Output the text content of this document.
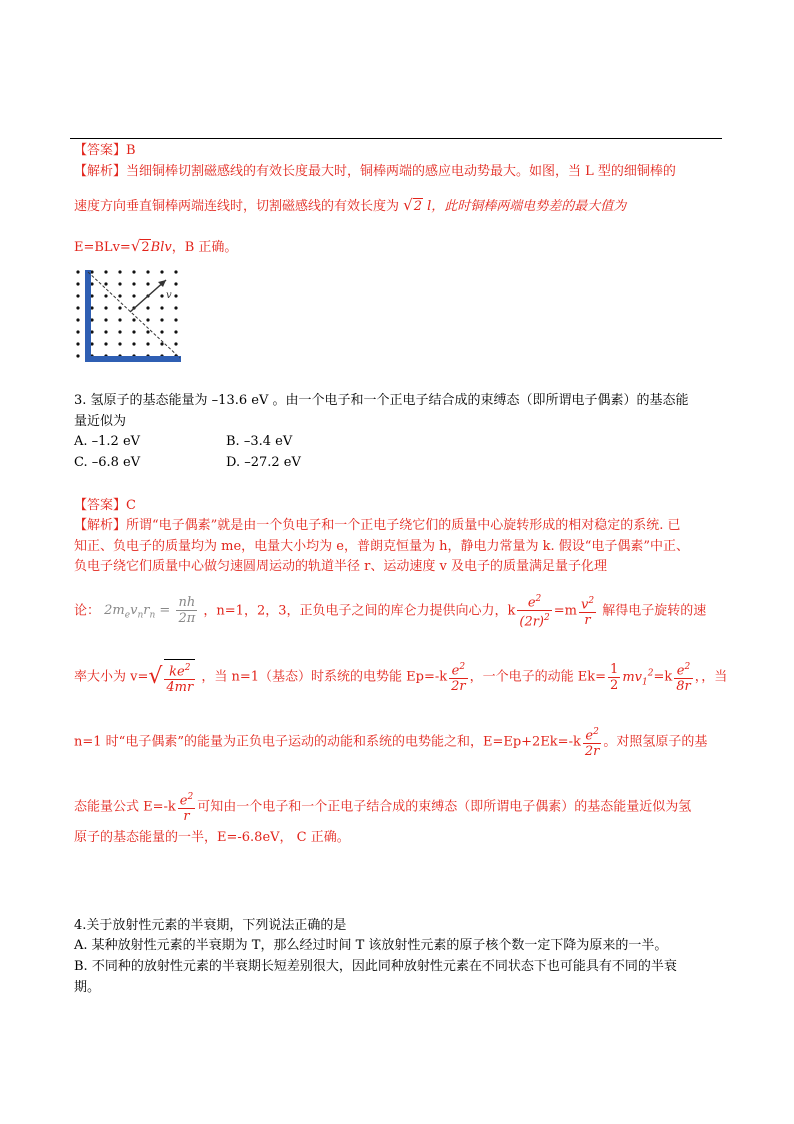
【答案】B
【解析】当细铜棒切割磁感线的有效长度最大时，铜棒两端的感应电动势最大。如图，当 L 型的细铜棒的
速度方向垂直铜棒两端连线时，切割磁感线的有效长度为 √2 l，此时铜棒两端电势差的最大值为
E=BLv=√2Blv，B 正确。
v
3. 氢原子的基态能量为 –13.6 eV 。由一个电子和一个正电子结合成的束缚态（即所谓电子偶素）的基态能
量近似为
A. –1.2 eV	B. –3.4 eV
C. –6.8 eV	D. –27.2 eV
【答案】C
【解析】所谓“电子偶素”就是由一个负电子和一个正电子绕它们的质量中心旋转形成的相对稳定的系统. 已
知正、负电子的质量均为 me，电量大小均为 e，普朗克恒量为 h，静电力常量为 k. 假设“电子偶素”中正、
负电子绕它们质量中心做匀速圆周运动的轨道半径 r、运动速度 v 及电子的质量满足量子化理
论： $2m_ev_nr_n = \frac{nh}{2\pi}$ ，n=1，2，3，正负电子之间的库仑力提供向心力，k $\frac{e^2}{(2r)^2} =m \frac{v^2}{r}$ 解得电子旋转的速
率大小为 $v=√ \frac{ke^2}{4mr}$ ，当 n=1（基态）时系统的电势能 $Ep=-k \frac{e^2}{2r}$ ，一个电子的动能 $Ek= \frac{1}{2} mv_1^2=k \frac{e^2}{8r}$ ，，当
n=1 时“电子偶素”的能量为正负电子运动的动能和系统的电势能之和，$E=Ep+2Ek=-k \frac{e^2}{2r}$ 。对照氢原子的基
态能量公式 $E=-k \frac{e^2}{r}$ 可知由一个电子和一个正电子结合成的束缚态（即所谓电子偶素）的基态能量近似为氢
原子的基态能量的一半，E=-6.8eV， C 正确。
4.关于放射性元素的半衰期，下列说法正确的是
A. 某种放射性元素的半衰期为 T，那么经过时间 T 该放射性元素的原子核个数一定下降为原来的一半。
B. 不同种的放射性元素的半衰期长短差别很大，因此同种放射性元素在不同状态下也可能具有不同的半衰
期。
